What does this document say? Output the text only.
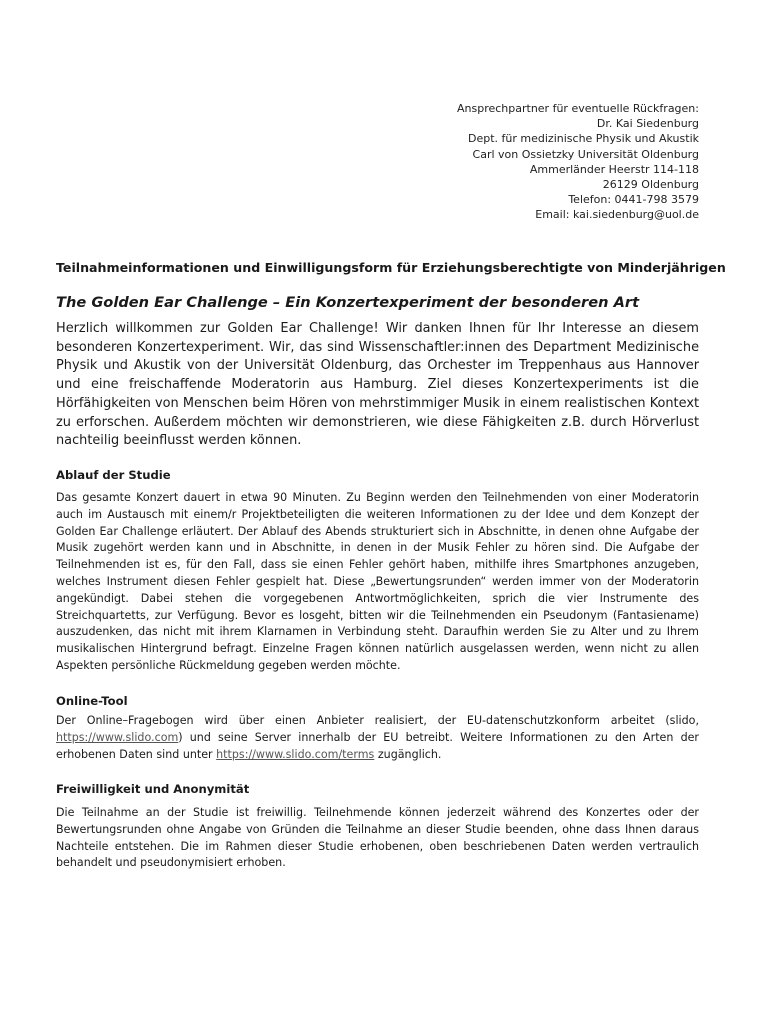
Ansprechpartner für eventuelle Rückfragen:
Dr. Kai Siedenburg
Dept. für medizinische Physik und Akustik
Carl von Ossietzky Universität Oldenburg
Ammerländer Heerstr 114-118
26129 Oldenburg
Telefon: 0441-798 3579
Email: kai.siedenburg@uol.de
Teilnahmeinformationen und Einwilligungsform für Erziehungsberechtigte von Minderjährigen
The Golden Ear Challenge – Ein Konzertexperiment der besonderen Art
Herzlich willkommen zur Golden Ear Challenge! Wir danken Ihnen für Ihr Interesse an diesem besonderen Konzertexperiment. Wir, das sind Wissenschaftler:innen des Department Medizinische Physik und Akustik von der Universität Oldenburg, das Orchester im Treppenhaus aus Hannover und eine freischaffende Moderatorin aus Hamburg. Ziel dieses Konzertexperiments ist die Hörfähigkeiten von Menschen beim Hören von mehrstimmiger Musik in einem realistischen Kontext zu erforschen. Außerdem möchten wir demonstrieren, wie diese Fähigkeiten z.B. durch Hörverlust nachteilig beeinflusst werden können.
Ablauf der Studie
Das gesamte Konzert dauert in etwa 90 Minuten. Zu Beginn werden den Teilnehmenden von einer Moderatorin auch im Austausch mit einem/r Projektbeteiligten die weiteren Informationen zu der Idee und dem Konzept der Golden Ear Challenge erläutert. Der Ablauf des Abends strukturiert sich in Abschnitte, in denen ohne Aufgabe der Musik zugehört werden kann und in Abschnitte, in denen in der Musik Fehler zu hören sind. Die Aufgabe der Teilnehmenden ist es, für den Fall, dass sie einen Fehler gehört haben, mithilfe ihres Smartphones anzugeben, welches Instrument diesen Fehler gespielt hat. Diese „Bewertungsrunden“ werden immer von der Moderatorin angekündigt. Dabei stehen die vorgegebenen Antwortmöglichkeiten, sprich die vier Instrumente des Streichquartetts, zur Verfügung. Bevor es losgeht, bitten wir die Teilnehmenden ein Pseudonym (Fantasiename) auszudenken, das nicht mit ihrem Klarnamen in Verbindung steht. Daraufhin werden Sie zu Alter und zu Ihrem musikalischen Hintergrund befragt. Einzelne Fragen können natürlich ausgelassen werden, wenn nicht zu allen Aspekten persönliche Rückmeldung gegeben werden möchte.
Online-Tool
Der Online–Fragebogen wird über einen Anbieter realisiert, der EU-datenschutzkonform arbeitet (slido, https://www.slido.com) und seine Server innerhalb der EU betreibt. Weitere Informationen zu den Arten der erhobenen Daten sind unter https://www.slido.com/terms zugänglich.
Freiwilligkeit und Anonymität
Die Teilnahme an der Studie ist freiwillig. Teilnehmende können jederzeit während des Konzertes oder der Bewertungsrunden ohne Angabe von Gründen die Teilnahme an dieser Studie beenden, ohne dass Ihnen daraus Nachteile entstehen. Die im Rahmen dieser Studie erhobenen, oben beschriebenen Daten werden vertraulich behandelt und pseudonymisiert erhoben.
